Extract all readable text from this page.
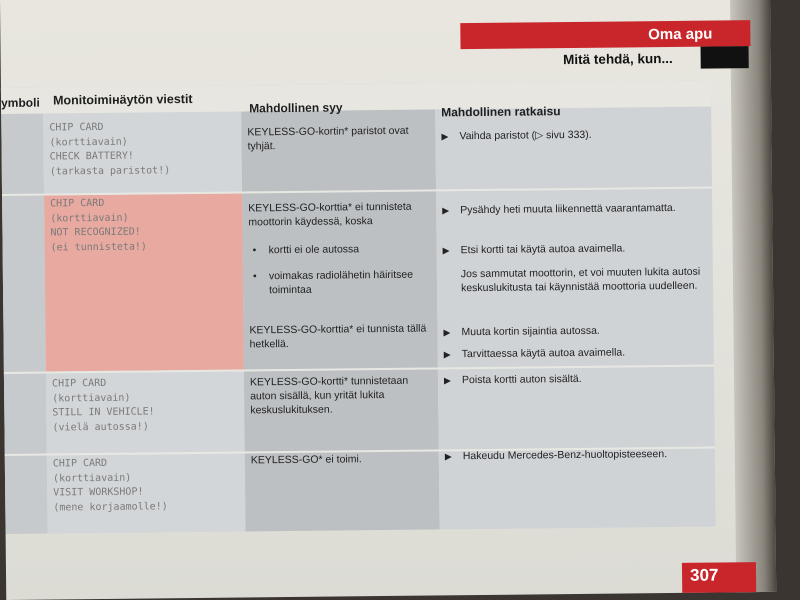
Oma apu
Mitä tehdä, kun...
ymboli Monitoimінäytön viestit
Mahdollinen syy	Mahdollinen ratkaisu
CHIP CARD
(korttiavain)
CHECK BATTERY!
(tarkasta paristot!)
KEYLESS-GO-kortin* paristot ovat tyhjät.
▶ Vaihda paristot (▷ sivu 333).
CHIP CARD
(korttiavain)
NOT RECOGNIZED!
(ei tunnisteta!)
KEYLESS-GO-korttia* ei tunnisteta moottorin käydessä, koska
• kortti ei ole autossa
• voimakas radiolähetin häiritsee toimintaa
KEYLESS-GO-korttia* ei tunnista tällä hetkellä.
▶ Pysähdy heti muuta liikennettä vaarantamatta.
▶ Etsi kortti tai käytä autoa avaimella.
Jos sammutat moottorin, et voi muuten lukita autosi keskuslukitusta tai käynnistää moottoria uudelleen.
▶ Muuta kortin sijaintia autossa.
▶ Tarvittaessa käytä autoa avaimella.
CHIP CARD
(korttiavain)
STILL IN VEHICLE!
(vielä autossa!)
KEYLESS-GO-kortti* tunnistetaan auton sisällä, kun yrität lukita keskuslukituksen.
▶ Poista kortti auton sisältä.
CHIP CARD
(korttiavain)
VISIT WORKSHOP!
(mene korjaamolle!)
KEYLESS-GO* ei toimi.	▶ Hakeudu Mercedes-Benz-huoltopisteeseen.
307
